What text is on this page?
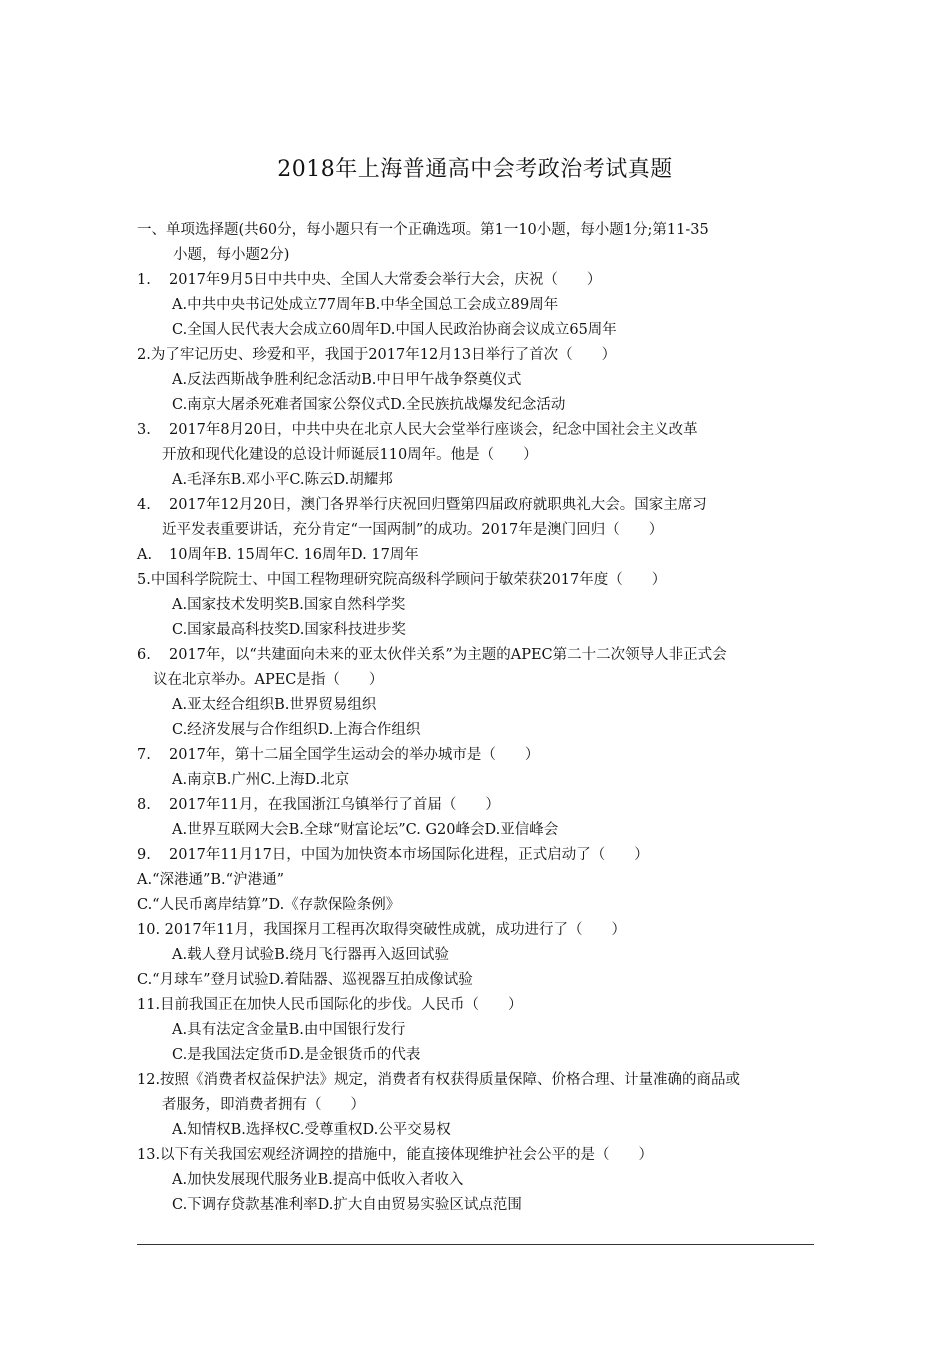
2018年上海普通高中会考政治考试真题
一、单项选择题(共60分，每小题只有一个正确选项。第1一10小题，每小题1分;第11-35
小题，每小题2分)
1. 2017年9月5日中共中央、全国人大常委会举行大会，庆祝（　　）
A.中共中央书记处成立77周年B.中华全国总工会成立89周年
C.全国人民代表大会成立60周年D.中国人民政治协商会议成立65周年
2.为了牢记历史、珍爱和平，我国于2017年12月13日举行了首次（　　）
A.反法西斯战争胜利纪念活动B.中日甲午战争祭奠仪式
C.南京大屠杀死难者国家公祭仪式D.全民族抗战爆发纪念活动
3. 2017年8月20日，中共中央在北京人民大会堂举行座谈会，纪念中国社会主义改革
开放和现代化建设的总设计师诞辰110周年。他是（　　）
A.毛泽东B.邓小平C.陈云D.胡耀邦
4. 2017年12月20日，澳门各界举行庆祝回归暨第四届政府就职典礼大会。国家主席习
近平发表重要讲话，充分肯定“一国两制”的成功。2017年是澳门回归（　　）
A. 10周年B. 15周年C. 16周年D. 17周年
5.中国科学院院士、中国工程物理研究院高级科学顾问于敏荣获2017年度（　　）
A.国家技术发明奖B.国家自然科学奖
C.国家最高科技奖D.国家科技进步奖
6. 2017年，以“共建面向未来的亚太伙伴关系”为主题的APEC第二十二次领导人非正式会
议在北京举办。APEC是指（　　）
A.亚太经合组织B.世界贸易组织
C.经济发展与合作组织D.上海合作组织
7. 2017年，第十二届全国学生运动会的举办城市是（　　）
A.南京B.广州C.上海D.北京
8. 2017年11月，在我国浙江乌镇举行了首届（　　）
A.世界互联网大会B.全球“财富论坛”C. G20峰会D.亚信峰会
9. 2017年11月17日，中国为加快资本市场国际化进程，正式启动了（　　）
A.“深港通”B.“沪港通”
C.“人民币离岸结算”D.《存款保险条例》
10. 2017年11月，我国探月工程再次取得突破性成就，成功进行了（　　）
A.载人登月试验B.绕月飞行器再入返回试验
C.“月球车”登月试验D.着陆器、巡视器互拍成像试验
11.目前我国正在加快人民币国际化的步伐。人民币（　　）
A.具有法定含金量B.由中国银行发行
C.是我国法定货币D.是金银货币的代表
12.按照《消费者权益保护法》规定，消费者有权获得质量保障、价格合理、计量准确的商品或
者服务，即消费者拥有（　　）
A.知情权B.选择权C.受尊重权D.公平交易权
13.以下有关我国宏观经济调控的措施中，能直接体现维护社会公平的是（　　）
A.加快发展现代服务业B.提高中低收入者收入
C.下调存贷款基准利率D.扩大自由贸易实验区试点范围
